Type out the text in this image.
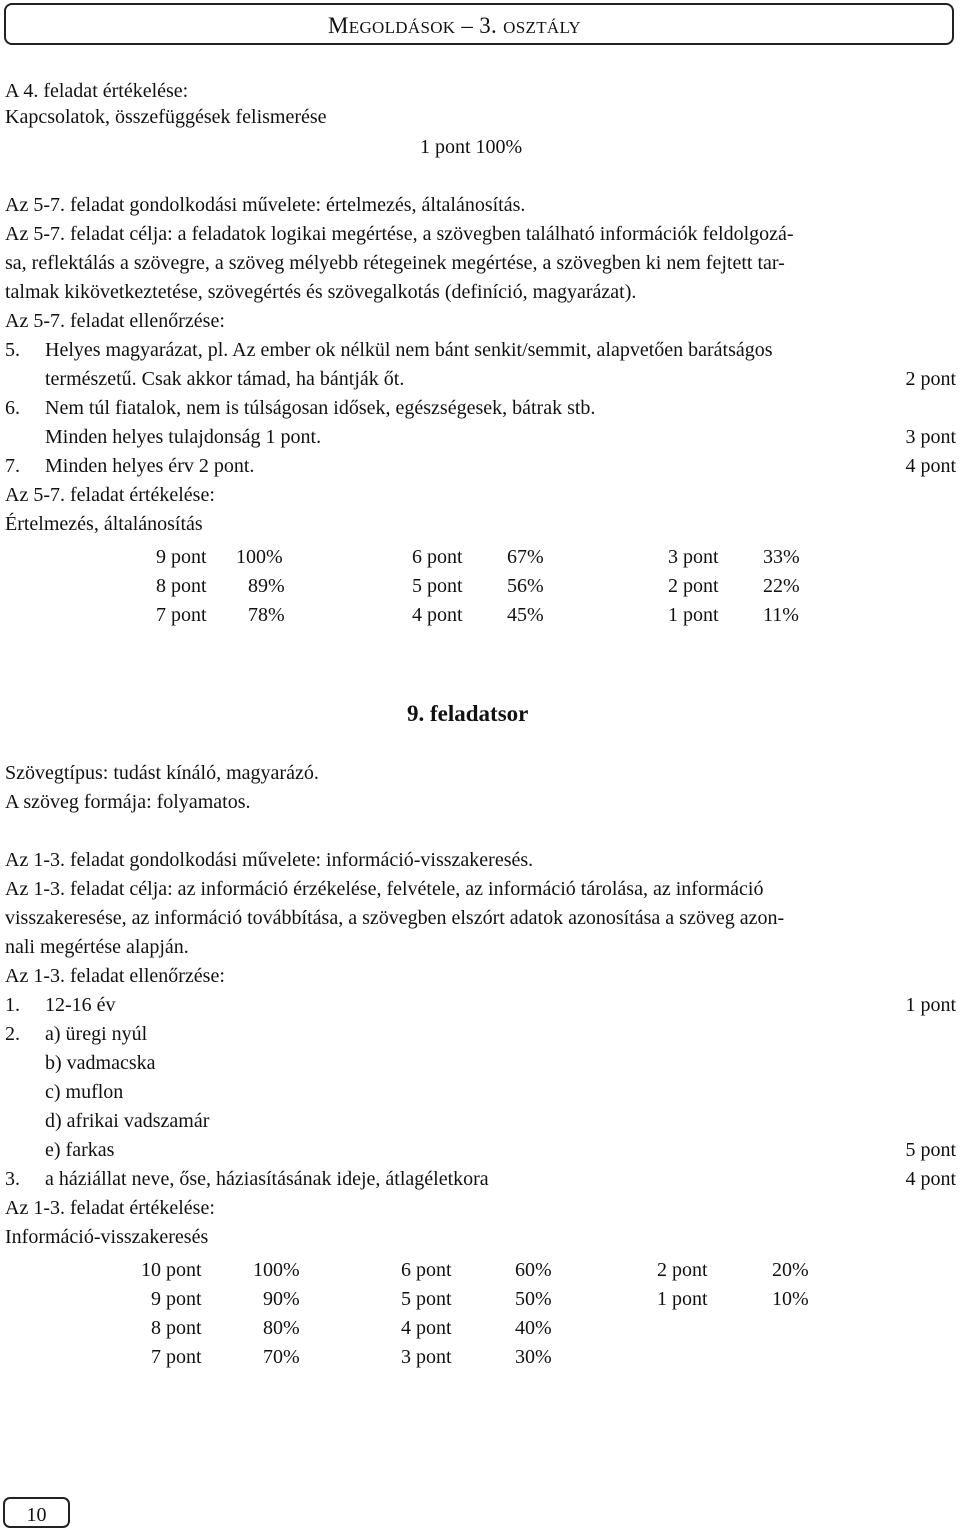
MEGOLDÁSOK – 3. OSZTÁLY
A 4. feladat értékelése:
Kapcsolatok, összefüggések felismerése
1 pont 100%
Az 5-7. feladat gondolkodási művelete: értelmezés, általánosítás.
Az 5-7. feladat célja: a feladatok logikai megértése, a szövegben található információk feldolgozá-
sa, reflektálás a szövegre, a szöveg mélyebb rétegeinek megértése, a szövegben ki nem fejtett tar-
talmak kikövetkeztetése, szövegértés és szövegalkotás (definíció, magyarázat).
Az 5-7. feladat ellenőrzése:
5. Helyes magyarázat, pl. Az ember ok nélkül nem bánt senkit/semmit, alapvetően barátságos
természetű. Csak akkor támad, ha bántják őt.	2 pont
6. Nem túl fiatalok, nem is túlságosan idősek, egészségesek, bátrak stb.
Minden helyes tulajdonság 1 pont.	3 pont
7. Minden helyes érv 2 pont.	4 pont
Az 5-7. feladat értékelése:
Értelmezés, általánosítás
9 pont	100%	6 pont	67%	3 pont	33%
8 pont	89%	5 pont	56%	2 pont	22%
7 pont	78%	4 pont	45%	1 pont	11%
9. feladatsor
Szövegtípus: tudást kínáló, magyarázó.
A szöveg formája: folyamatos.
Az 1-3. feladat gondolkodási művelete: információ-visszakeresés.
Az 1-3. feladat célja: az információ érzékelése, felvétele, az információ tárolása, az információ
visszakeresése, az információ továbbítása, a szövegben elszórt adatok azonosítása a szöveg azon-
nali megértése alapján.
Az 1-3. feladat ellenőrzése:
1. 12-16 év	1 pont
2. a) üregi nyúl
b) vadmacska
c) muflon
d) afrikai vadszamár
e) farkas	5 pont
3. a háziállat neve, őse, háziasításának ideje, átlagéletkora	4 pont
Az 1-3. feladat értékelése:
Információ-visszakeresés
10 pont	100%	6 pont	60%	2 pont	20%
9 pont	90%	5 pont	50%	1 pont	10%
8 pont	80%	4 pont	40%		
7 pont	70%	3 pont	30%		
10
